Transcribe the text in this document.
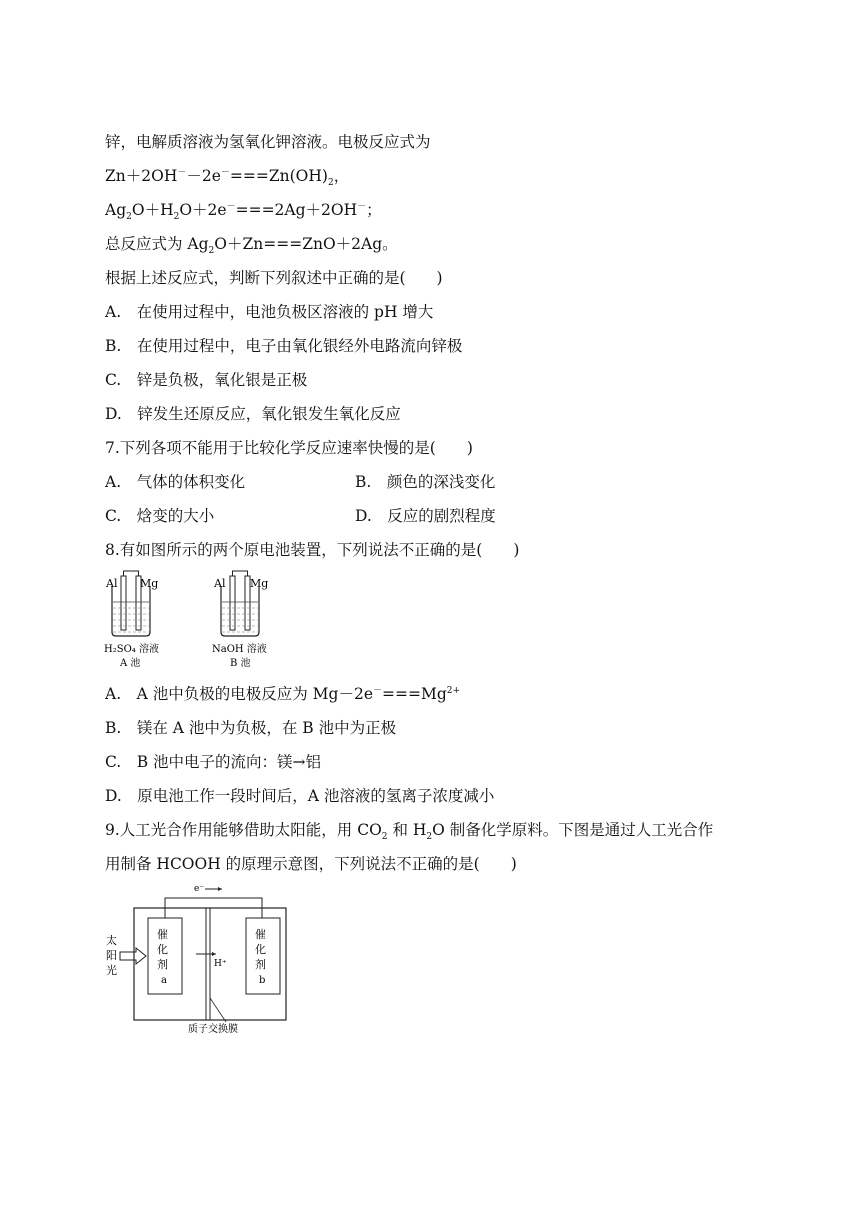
锌，电解质溶液为氢氧化钾溶液。电极反应式为
$Zn+2OH^--2e^-===Zn(OH)_2$，
$Ag_2O+H_2O+2e^-===2Ag+2OH^-$；
总反应式为 $Ag_2O+Zn===ZnO+2Ag$。
根据上述反应式，判断下列叙述中正确的是(　　)
A.　在使用过程中，电池负极区溶液的 pH 增大
B.　在使用过程中，电子由氧化银经外电路流向锌极
C.　锌是负极，氧化银是正极
D.　锌发生还原反应，氧化银发生氧化反应
7.下列各项不能用于比较化学反应速率快慢的是(　　)
A.　气体的体积变化	B.　颜色的深浅变化
C.　焓变的大小	D.　反应的剧烈程度
8.有如图所示的两个原电池装置，下列说法不正确的是(　　)
Al Mg
H₂SO₄ 溶液
A 池
Al Mg
NaOH 溶液
B 池
A.　A 池中负极的电极反应为 $Mg-2e^-===Mg^{2+}$
B.　镁在 A 池中为负极，在 B 池中为正极
C.　B 池中电子的流向：镁→铝
D.　原电池工作一段时间后，A 池溶液的氢离子浓度减小
9.人工光合作用能够借助太阳能，用 $CO_2$ 和 $H_2O$ 制备化学原料。下图是通过人工光合作
用制备 HCOOH 的原理示意图，下列说法不正确的是(　　)
e⁻
催
化
剂
a
催
化
剂
b
H⁺
太
阳
光
质子交换膜
